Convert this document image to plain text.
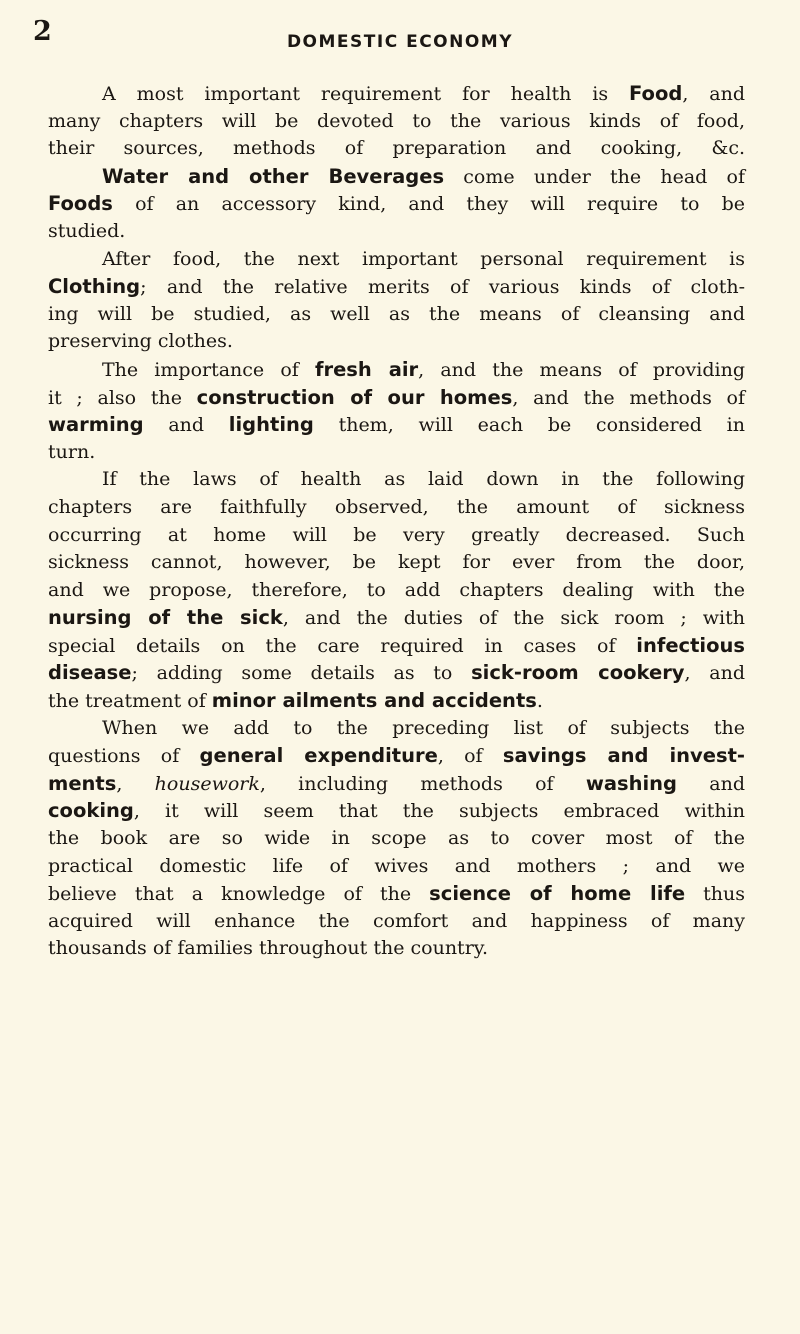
2	DOMESTIC ECONOMY
A most important requirement for health is Food, and
many chapters will be devoted to the various kinds of food,
their sources, methods of preparation and cooking, &c.
Water and other Beverages come under the head of
Foods of an accessory kind, and they will require to be
studied.
After food, the next important personal requirement is
Clothing; and the relative merits of various kinds of cloth-
ing will be studied, as well as the means of cleansing and
preserving clothes.
The importance of fresh air, and the means of providing
it ; also the construction of our homes, and the methods of
warming and lighting them, will each be considered in
turn.
If the laws of health as laid down in the following
chapters are faithfully observed, the amount of sickness
occurring at home will be very greatly decreased. Such
sickness cannot, however, be kept for ever from the door,
and we propose, therefore, to add chapters dealing with the
nursing of the sick, and the duties of the sick room ; with
special details on the care required in cases of infectious
disease; adding some details as to sick-room cookery, and
the treatment of minor ailments and accidents.
When we add to the preceding list of subjects the
questions of general expenditure, of savings and invest-
ments, housework, including methods of washing and
cooking, it will seem that the subjects embraced within
the book are so wide in scope as to cover most of the
practical domestic life of wives and mothers ; and we
believe that a knowledge of the science of home life thus
acquired will enhance the comfort and happiness of many
thousands of families throughout the country.
